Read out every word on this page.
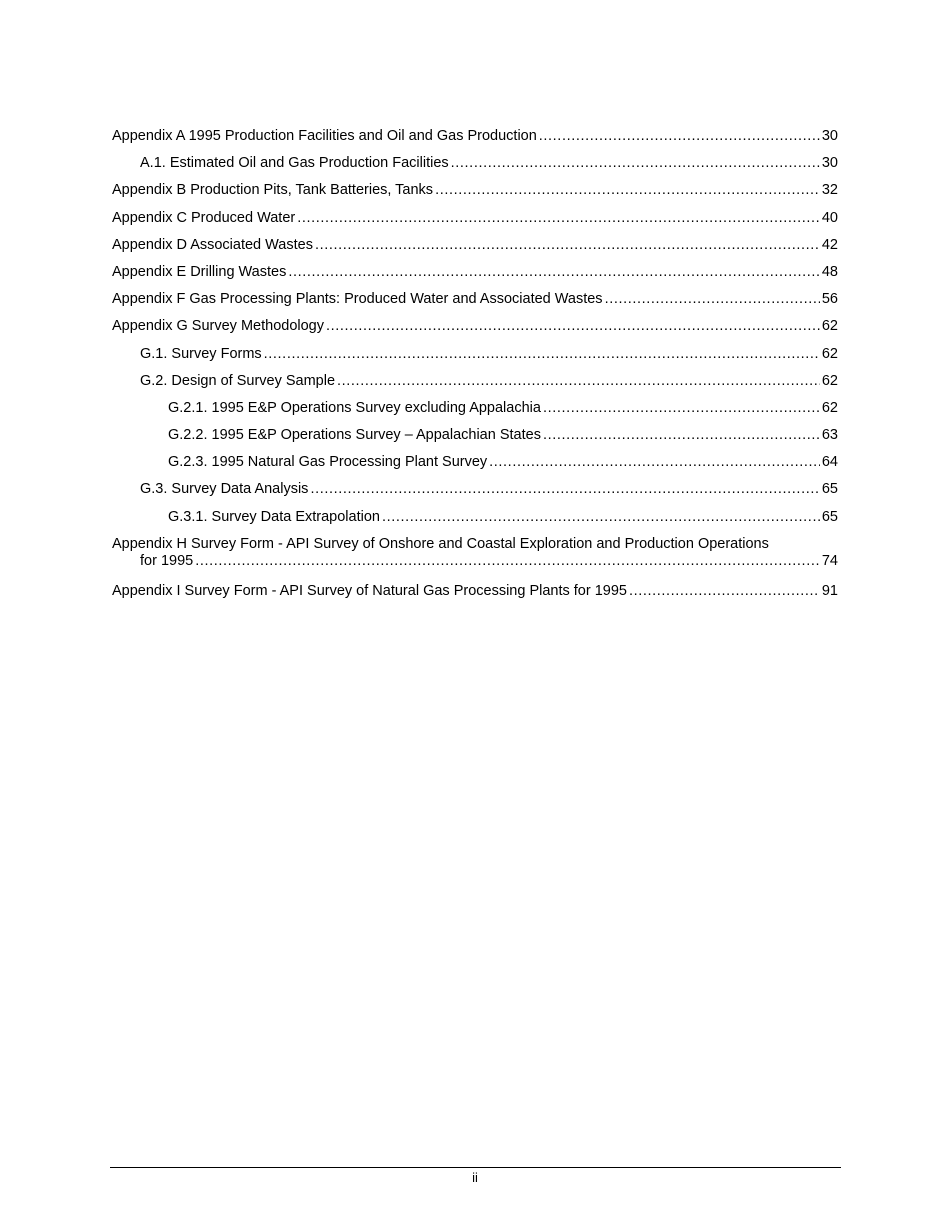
Appendix A 1995 Production Facilities and Oil and Gas Production .....	30
A.1. Estimated Oil and Gas Production Facilities .....	30
Appendix B Production Pits, Tank Batteries, Tanks .....	32
Appendix C Produced Water .....	40
Appendix D Associated Wastes .....	42
Appendix E Drilling Wastes .....	48
Appendix F Gas Processing Plants: Produced Water and Associated Wastes .....	56
Appendix G Survey Methodology .....	62
G.1. Survey Forms .....	62
G.2. Design of Survey Sample .....	62
G.2.1. 1995 E&P Operations Survey excluding Appalachia .....	62
G.2.2. 1995 E&P Operations Survey – Appalachian States .....	63
G.2.3. 1995 Natural Gas Processing Plant Survey .....	64
G.3. Survey Data Analysis .....	65
G.3.1. Survey Data Extrapolation .....	65
Appendix H Survey Form - API Survey of Onshore and Coastal Exploration and Production Operations
for 1995 .....	74
Appendix I Survey Form - API Survey of Natural Gas Processing Plants for 1995 .....	91
ii
